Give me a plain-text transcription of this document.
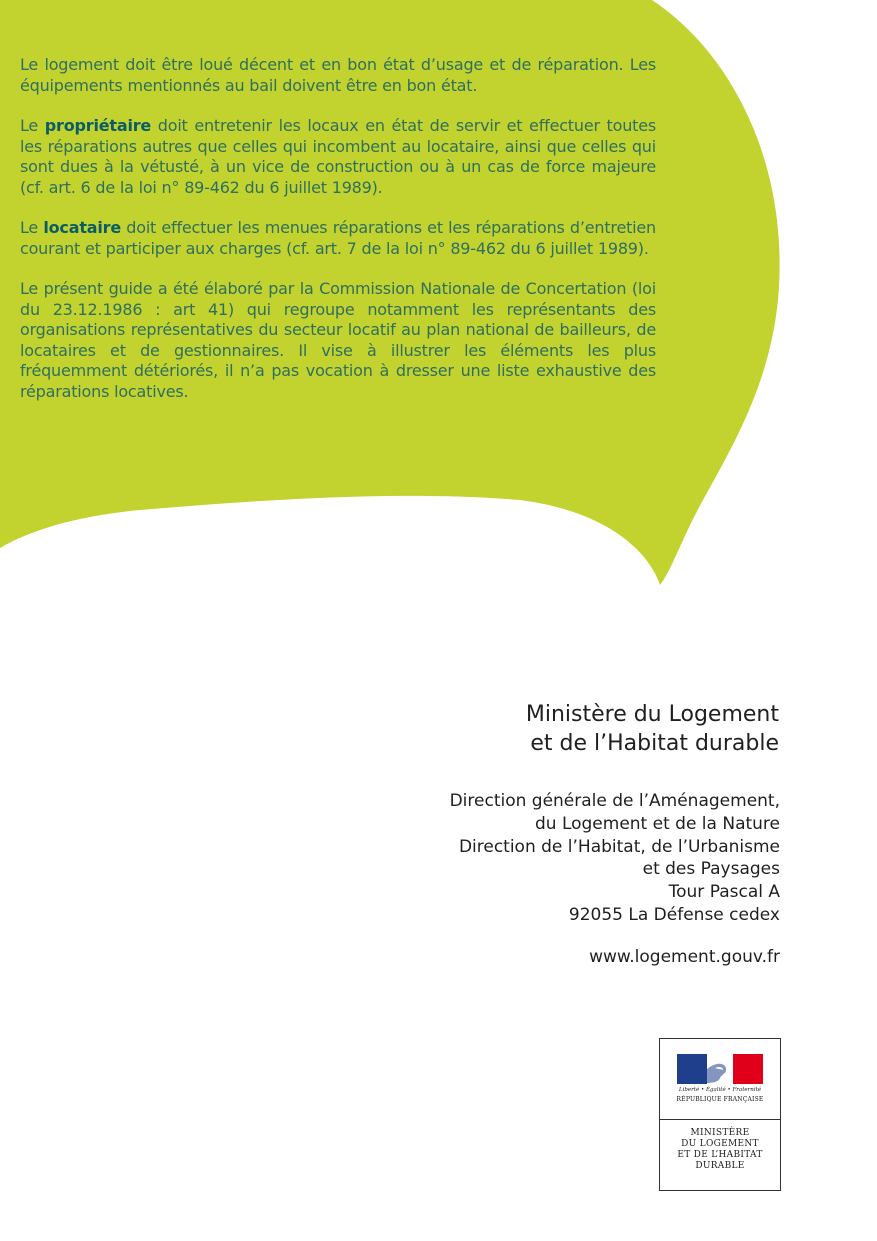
Le logement doit être loué décent et en bon état d’usage et de réparation. Les équipements mentionnés au bail doivent être en bon état.

Le propriétaire doit entretenir les locaux en état de servir et effectuer toutes les réparations autres que celles qui incombent au locataire, ainsi que celles qui sont dues à la vétusté, à un vice de construction ou à un cas de force majeure (cf. art. 6 de la loi n° 89-462 du 6 juillet 1989).

Le locataire doit effectuer les menues réparations et les réparations d’entretien courant et participer aux charges (cf. art. 7 de la loi n° 89-462 du 6 juillet 1989).

Le présent guide a été élaboré par la Commission Nationale de Concertation (loi du 23.12.1986 : art 41) qui regroupe notamment les représentants des organisations représentatives du secteur locatif au plan national de bailleurs, de locataires et de gestionnaires. Il vise à illustrer les éléments les plus fréquemment détériorés, il n’a pas vocation à dresser une liste exhaustive des réparations locatives.

Ministère du Logement
et de l’Habitat durable
Direction générale de l’Aménagement,
du Logement et de la Nature
Direction de l’Habitat, de l’Urbanisme
et des Paysages
Tour Pascal A
92055 La Défense cedex
www.logement.gouv.fr
Liberté • Égalité • Fraternité
RÉPUBLIQUE FRANÇAISE
MINISTÈRE
DU LOGEMENT
ET DE L’HABITAT
DURABLE
